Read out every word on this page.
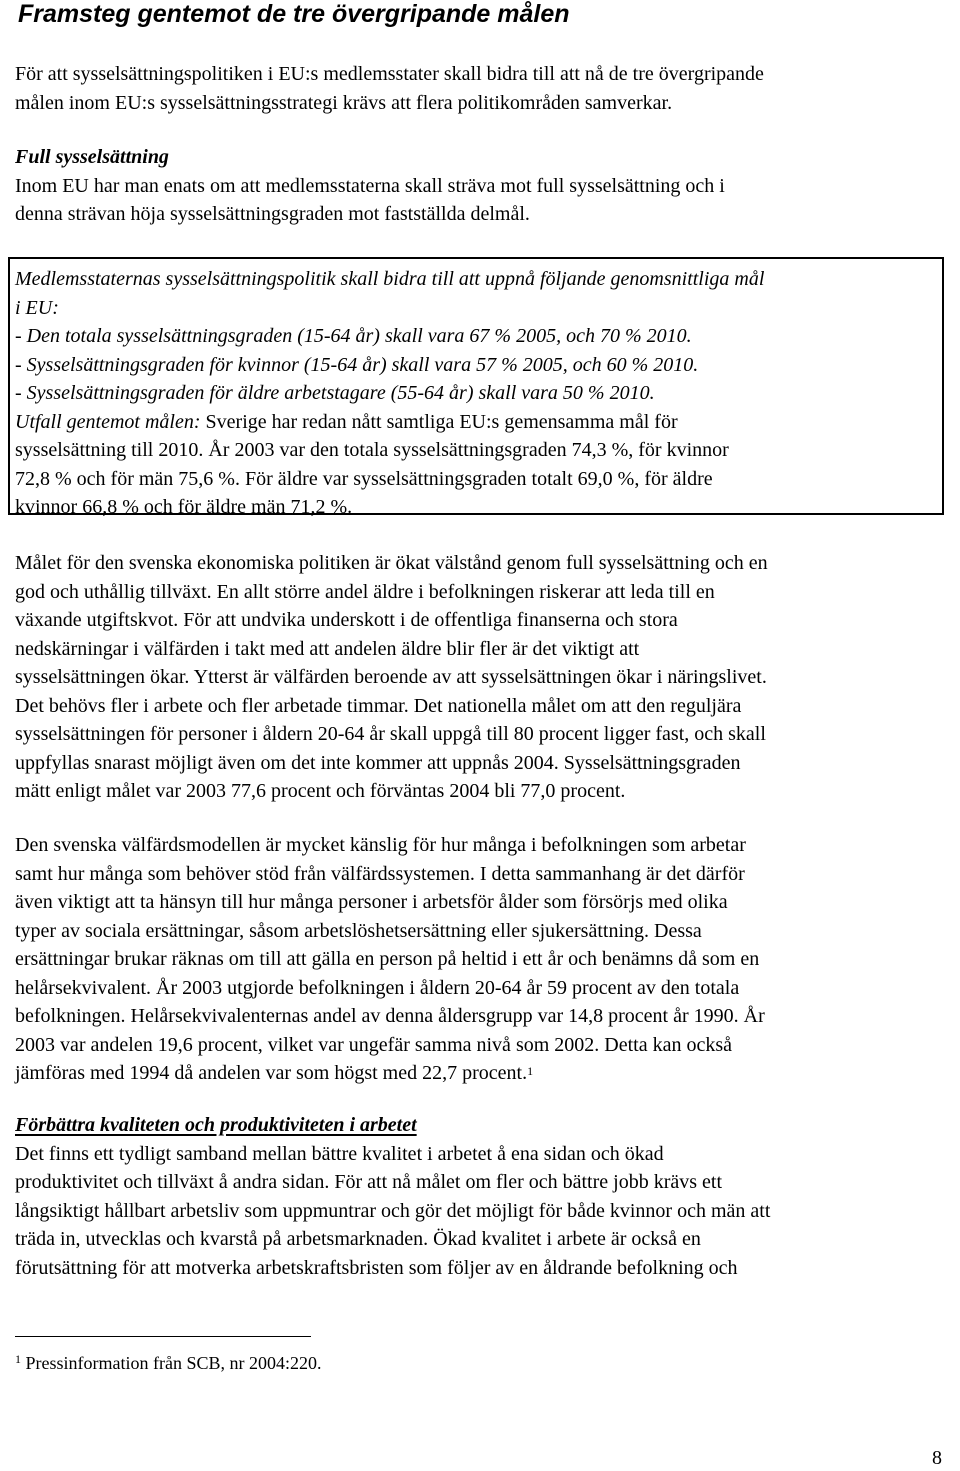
Framsteg gentemot de tre övergripande målen
För att sysselsättningspolitiken i EU:s medlemsstater skall bidra till att nå de tre övergripande
målen inom EU:s sysselsättningsstrategi krävs att flera politikområden samverkar.
Full sysselsättning
Inom EU har man enats om att medlemsstaterna skall sträva mot full sysselsättning och i
denna strävan höja sysselsättningsgraden mot fastställda delmål.
Medlemsstaternas sysselsättningspolitik skall bidra till att uppnå följande genomsnittliga mål
i EU:
- Den totala sysselsättningsgraden (15-64 år) skall vara 67 % 2005, och 70 % 2010.
- Sysselsättningsgraden för kvinnor (15-64 år) skall vara 57 % 2005, och 60 % 2010.
- Sysselsättningsgraden för äldre arbetstagare (55-64 år) skall vara 50 % 2010.
Utfall gentemot målen: Sverige har redan nått samtliga EU:s gemensamma mål för
sysselsättning till 2010. År 2003 var den totala sysselsättningsgraden 74,3 %, för kvinnor
72,8 % och för män 75,6 %. För äldre var sysselsättningsgraden totalt 69,0 %, för äldre
kvinnor 66,8 % och för äldre män 71,2 %.
Målet för den svenska ekonomiska politiken är ökat välstånd genom full sysselsättning och en
god och uthållig tillväxt. En allt större andel äldre i befolkningen riskerar att leda till en
växande utgiftskvot. För att undvika underskott i de offentliga finanserna och stora
nedskärningar i välfärden i takt med att andelen äldre blir fler är det viktigt att
sysselsättningen ökar. Ytterst är välfärden beroende av att sysselsättningen ökar i näringslivet.
Det behövs fler i arbete och fler arbetade timmar. Det nationella målet om att den reguljära
sysselsättningen för personer i åldern 20-64 år skall uppgå till 80 procent ligger fast, och skall
uppfyllas snarast möjligt även om det inte kommer att uppnås 2004. Sysselsättningsgraden
mätt enligt målet var 2003 77,6 procent och förväntas 2004 bli 77,0 procent.
Den svenska välfärdsmodellen är mycket känslig för hur många i befolkningen som arbetar
samt hur många som behöver stöd från välfärdssystemen. I detta sammanhang är det därför
även viktigt att ta hänsyn till hur många personer i arbetsför ålder som försörjs med olika
typer av sociala ersättningar, såsom arbetslöshetsersättning eller sjukersättning. Dessa
ersättningar brukar räknas om till att gälla en person på heltid i ett år och benämns då som en
helårsekvivalent. År 2003 utgjorde befolkningen i åldern 20-64 år 59 procent av den totala
befolkningen. Helårsekvivalenternas andel av denna åldersgrupp var 14,8 procent år 1990. År
2003 var andelen 19,6 procent, vilket var ungefär samma nivå som 2002. Detta kan också
jämföras med 1994 då andelen var som högst med 22,7 procent.$^1$
Förbättra kvaliteten och produktiviteten i arbetet
Det finns ett tydligt samband mellan bättre kvalitet i arbetet å ena sidan och ökad
produktivitet och tillväxt å andra sidan. För att nå målet om fler och bättre jobb krävs ett
långsiktigt hållbart arbetsliv som uppmuntrar och gör det möjligt för både kvinnor och män att
träda in, utvecklas och kvarstå på arbetsmarknaden. Ökad kvalitet i arbete är också en
förutsättning för att motverka arbetskraftsbristen som följer av en åldrande befolkning och
$^1$ Pressinformation från SCB, nr 2004:220.
8
